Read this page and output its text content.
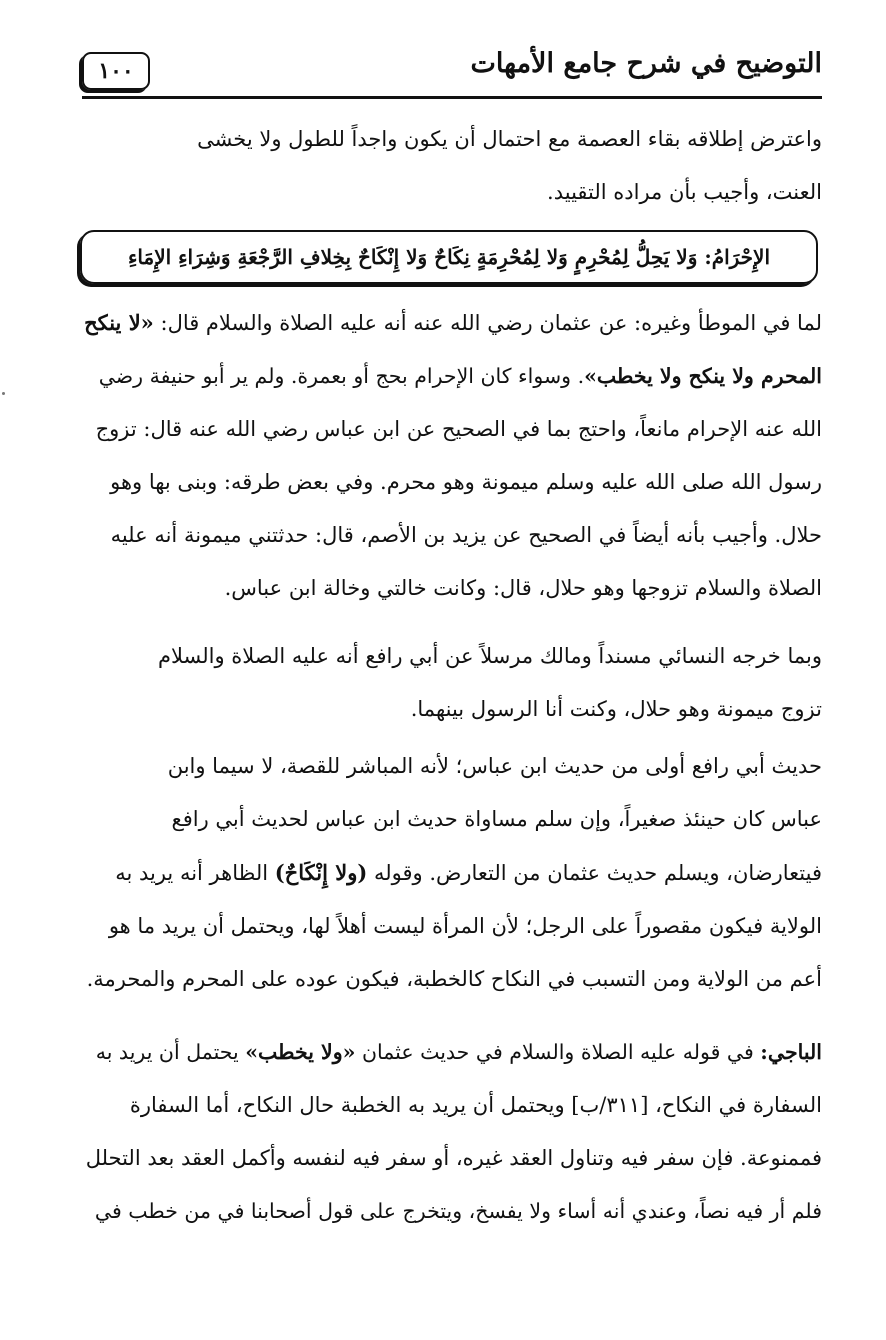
التوضيح في شرح جامع الأمهات
١٠٠
واعترض إطلاقه بقاء العصمة مع احتمال أن يكون واجداً للطول ولا يخشى
العنت، وأجيب بأن مراده التقييد.
الإِحْرَامُ: وَلا يَحِلُّ لِمُحْرِمٍ وَلا لِمُحْرِمَةٍ نِكَاحٌ وَلا إِنْكَاحٌ بِخِلافِ الرَّجْعَةِ وَشِرَاءِ الإِمَاءِ
لما في الموطأ وغيره: عن عثمان رضي الله عنه أنه عليه الصلاة والسلام قال: «لا ينكح
المحرم ولا ينكح ولا يخطب». وسواء كان الإحرام بحج أو بعمرة. ولم ير أبو حنيفة رضي
الله عنه الإحرام مانعاً، واحتج بما في الصحيح عن ابن عباس رضي الله عنه قال: تزوج
رسول الله صلى الله عليه وسلم ميمونة وهو محرم. وفي بعض طرقه: وبنى بها وهو
حلال. وأجيب بأنه أيضاً في الصحيح عن يزيد بن الأصم، قال: حدثتني ميمونة أنه عليه
الصلاة والسلام تزوجها وهو حلال، قال: وكانت خالتي وخالة ابن عباس.
وبما خرجه النسائي مسنداً ومالك مرسلاً عن أبي رافع أنه عليه الصلاة والسلام
تزوج ميمونة وهو حلال، وكنت أنا الرسول بينهما.
حديث أبي رافع أولى من حديث ابن عباس؛ لأنه المباشر للقصة، لا سيما وابن
عباس كان حينئذ صغيراً، وإن سلم مساواة حديث ابن عباس لحديث أبي رافع
فيتعارضان، ويسلم حديث عثمان من التعارض. وقوله (ولا إِنْكَاحٌ) الظاهر أنه يريد به
الولاية فيكون مقصوراً على الرجل؛ لأن المرأة ليست أهلاً لها، ويحتمل أن يريد ما هو
أعم من الولاية ومن التسبب في النكاح كالخطبة، فيكون عوده على المحرم والمحرمة.
الباجي: في قوله عليه الصلاة والسلام في حديث عثمان «ولا يخطب» يحتمل أن يريد به
السفارة في النكاح، [٣١١/ب] ويحتمل أن يريد به الخطبة حال النكاح، أما السفارة
فممنوعة. فإن سفر فيه وتناول العقد غيره، أو سفر فيه لنفسه وأكمل العقد بعد التحلل
فلم أر فيه نصاً، وعندي أنه أساء ولا يفسخ، ويتخرج على قول أصحابنا في من خطب في
